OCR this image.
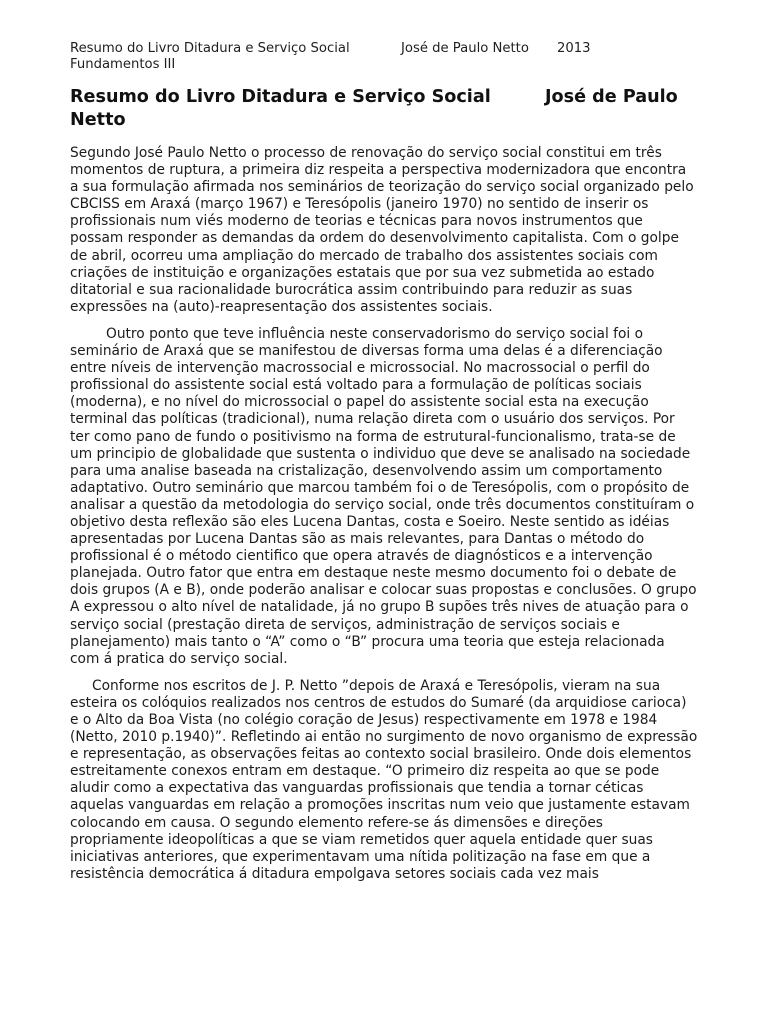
Resumo do Livro Ditadura e Serviço Social	José de Paulo Netto 2013
Fundamentos III
Resumo do Livro Ditadura e Serviço Social	José de Paulo Netto

Segundo José Paulo Netto o processo de renovação do serviço social constitui em três momentos de ruptura, a primeira diz respeita a perspectiva modernizadora que encontra a sua formulação afirmada nos seminários de teorização do serviço social organizado pelo CBCISS em Araxá (março 1967) e Teresópolis (janeiro 1970) no sentido de inserir os profissionais num viés moderno de teorias e técnicas para novos instrumentos que possam responder as demandas da ordem do desenvolvimento capitalista. Com o golpe de abril, ocorreu uma ampliação do mercado de trabalho dos assistentes sociais com criações de instituição e organizações estatais que por sua vez submetida ao estado ditatorial e sua racionalidade burocrática assim contribuindo para reduzir as suas expressões na (auto)-reapresentação dos assistentes sociais.

Outro ponto que teve influência neste conservadorismo do serviço social foi o seminário de Araxá que se manifestou de diversas forma uma delas é a diferenciação entre níveis de intervenção macrossocial e microssocial. No macrossocial o perfil do profissional do assistente social está voltado para a formulação de políticas sociais (moderna), e no nível do microssocial o papel do assistente social esta na execução terminal das políticas (tradicional), numa relação direta com o usuário dos serviços. Por ter como pano de fundo o positivismo na forma de estrutural-funcionalismo, trata-se de um principio de globalidade que sustenta o individuo que deve se analisado na sociedade para uma analise baseada na cristalização, desenvolvendo assim um comportamento adaptativo. Outro seminário que marcou também foi o de Teresópolis, com o propósito de analisar a questão da metodologia do serviço social, onde três documentos constituíram o objetivo desta reflexão são eles Lucena Dantas, costa e Soeiro. Neste sentido as idéias apresentadas por Lucena Dantas são as mais relevantes, para Dantas o método do profissional é o método cientifico que opera através de diagnósticos e a intervenção planejada. Outro fator que entra em destaque neste mesmo documento foi o debate de dois grupos (A e B), onde poderão analisar e colocar suas propostas e conclusões. O grupo A expressou o alto nível de natalidade, já no grupo B supões três nives de atuação para o serviço social (prestação direta de serviços, administração de serviços sociais e planejamento) mais tanto o “A” como o “B” procura uma teoria que esteja relacionada com á pratica do serviço social.

Conforme nos escritos de J. P. Netto ”depois de Araxá e Teresópolis, vieram na sua esteira os colóquios realizados nos centros de estudos do Sumaré (da arquidiose carioca) e o Alto da Boa Vista (no colégio coração de Jesus) respectivamente em 1978 e 1984 (Netto, 2010 p.1940)”. Refletindo ai então no surgimento de novo organismo de expressão e representação, as observações feitas ao contexto social brasileiro. Onde dois elementos estreitamente conexos entram em destaque. “O primeiro diz respeita ao que se pode aludir como a expectativa das vanguardas profissionais que tendia a tornar céticas aquelas vanguardas em relação a promoções inscritas num veio que justamente estavam colocando em causa. O segundo elemento refere-se ás dimensões e direções propriamente ideopolíticas a que se viam remetidos quer aquela entidade quer suas iniciativas anteriores, que experimentavam uma nítida politização na fase em que a resistência democrática á ditadura empolgava setores sociais cada vez mais
